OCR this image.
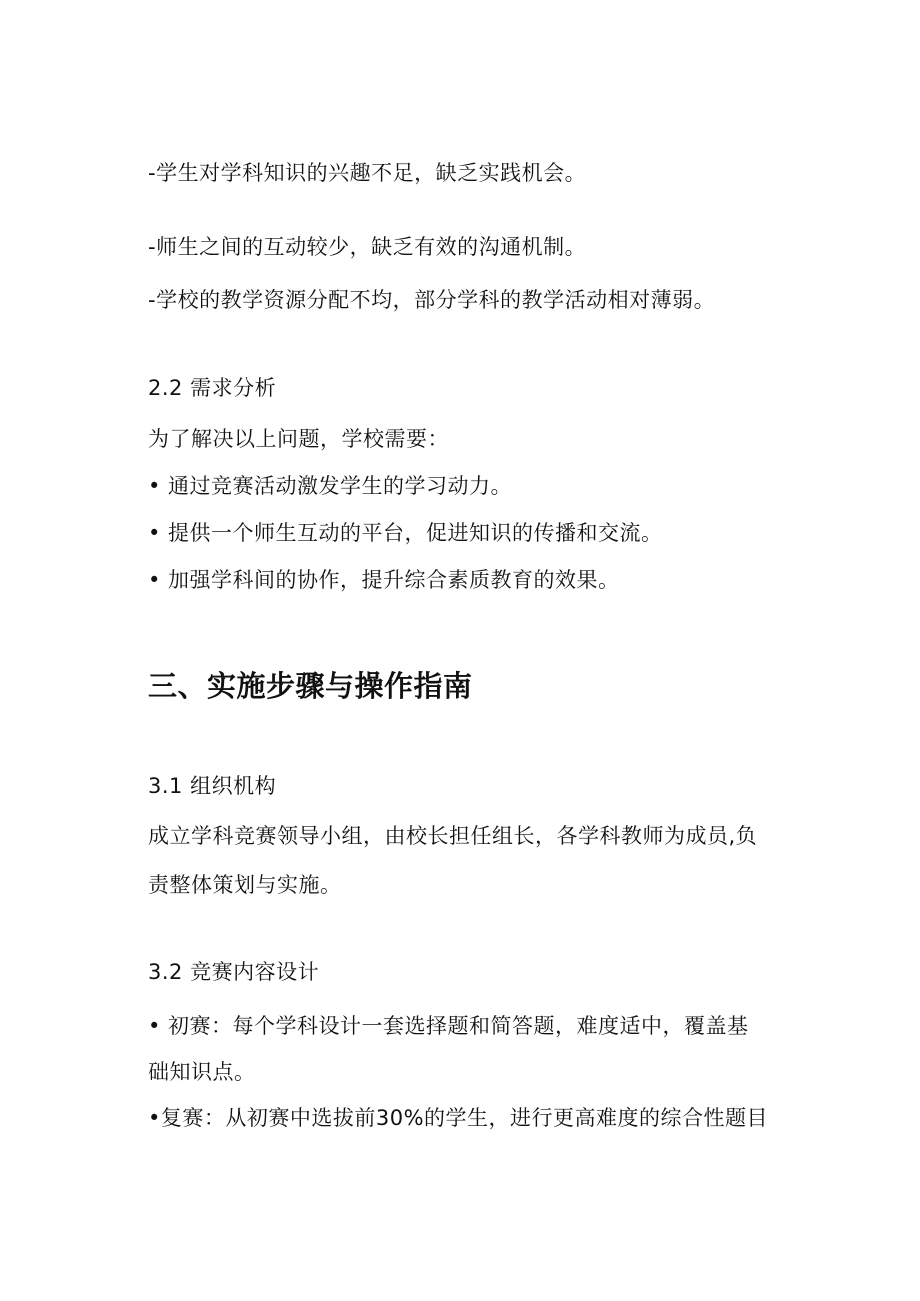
-学生对学科知识的兴趣不足，缺乏实践机会。
-师生之间的互动较少，缺乏有效的沟通机制。
-学校的教学资源分配不均，部分学科的教学活动相对薄弱。
2.2 需求分析
为了解决以上问题，学校需要：
• 通过竞赛活动激发学生的学习动力。
• 提供一个师生互动的平台，促进知识的传播和交流。
• 加强学科间的协作，提升综合素质教育的效果。
三、实施步骤与操作指南
3.1 组织机构
成立学科竞赛领导小组，由校长担任组长，各学科教师为成员,负
责整体策划与实施。
3.2 竞赛内容设计
• 初赛：每个学科设计一套选择题和简答题，难度适中，覆盖基
础知识点。
•复赛：从初赛中选拔前30%的学生，进行更高难度的综合性题目
